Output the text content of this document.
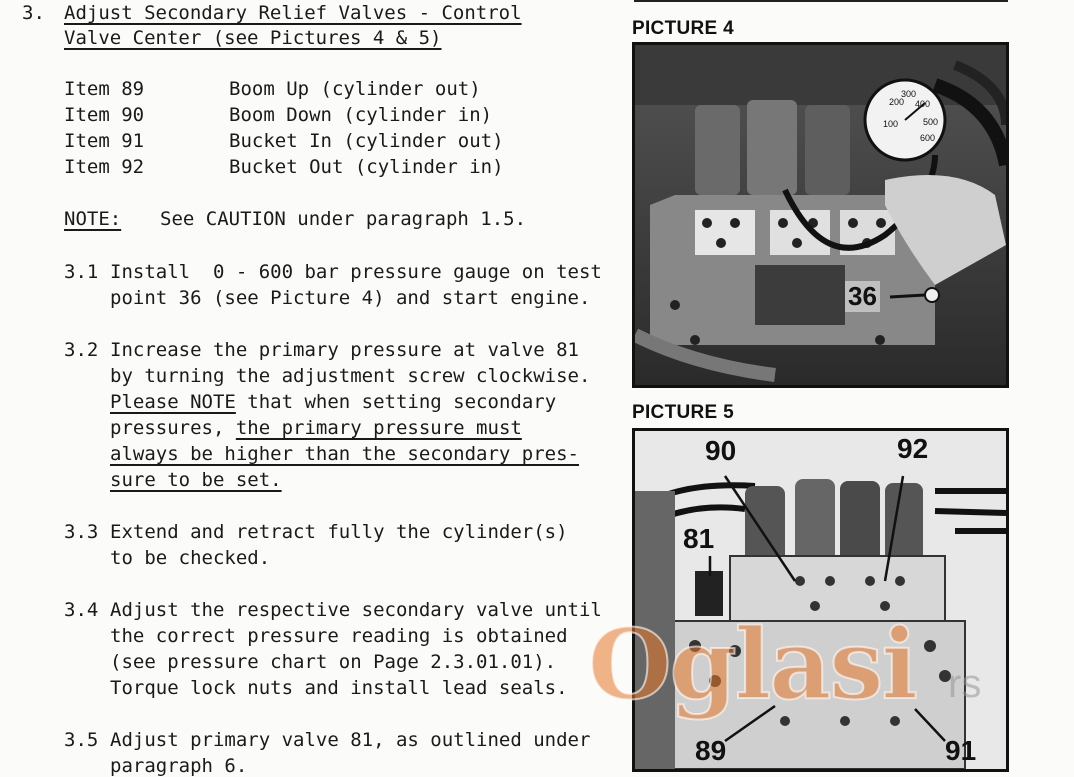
3. Adjust Secondary Relief Valves - Control
Valve Center (see Pictures 4 & 5)
Item 89	Boom Up (cylinder out)
Item 90	Boom Down (cylinder in)
Item 91	Bucket In (cylinder out)
Item 92	Bucket Out (cylinder in)
NOTE: See CAUTION under paragraph 1.5.
3.1 Install  0 - 600 bar pressure gauge on test
point 36 (see Picture 4) and start engine.
3.2 Increase the primary pressure at valve 81
by turning the adjustment screw clockwise.
Please NOTE that when setting secondary
pressures, the primary pressure must
always be higher than the secondary pres-
sure to be set.
3.3 Extend and retract fully the cylinder(s)
to be checked.
3.4 Adjust the respective secondary valve until
the correct pressure reading is obtained
(see pressure chart on Page 2.3.01.01).
Torque lock nuts and install lead seals.
3.5 Adjust primary valve 81, as outlined under
paragraph 6.
PICTURE 4
100
200
300
400
500
600
36
PICTURE 5
90	92
81
89	91
Oglasi rs
